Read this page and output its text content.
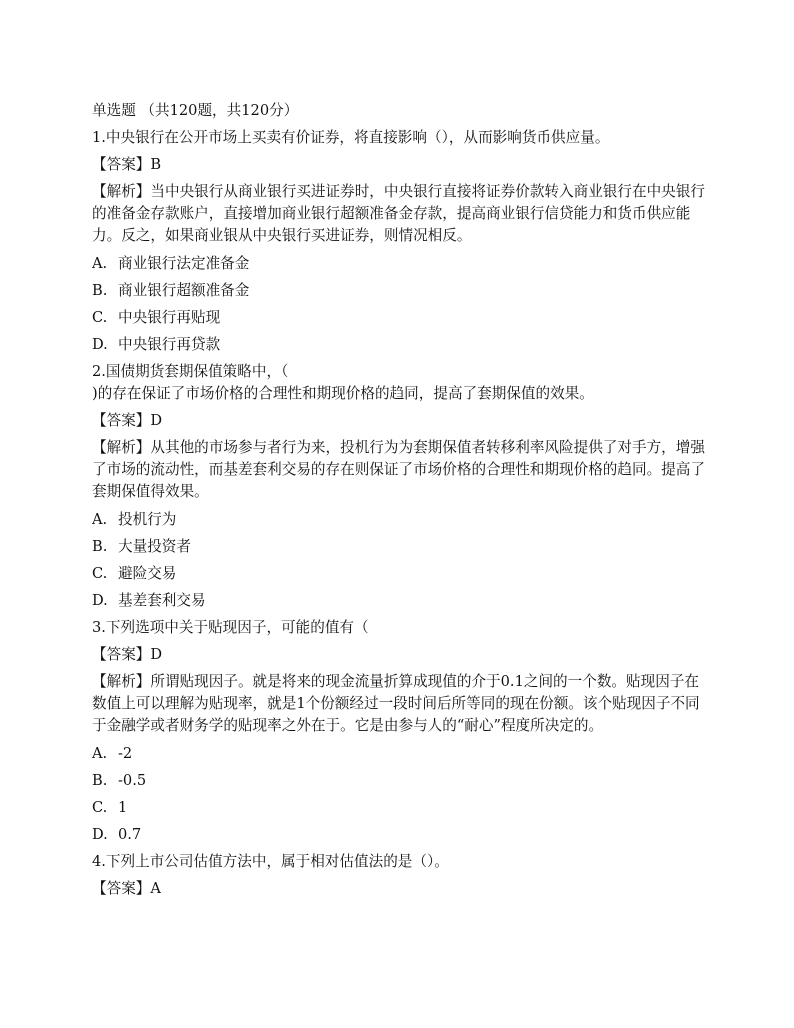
单选题 （共120题，共120分）

1.中央银行在公开市场上买卖有价证券，将直接影响（），从而影响货币供应量。

【答案】B

【解析】当中央银行从商业银行买进证券时，中央银行直接将证券价款转入商业银行在中央银行的准备金存款账户，直接增加商业银行超额准备金存款，提高商业银行信贷能力和货币供应能力。反之，如果商业银从中央银行买进证券，则情况相反。

A. 商业银行法定准备金

B. 商业银行超额准备金

C. 中央银行再贴现

D. 中央银行再贷款

2.国债期货套期保值策略中，（
)的存在保证了市场价格的合理性和期现价格的趋同，提高了套期保值的效果。

【答案】D

【解析】从其他的市场参与者行为来，投机行为为套期保值者转移利率风险提供了对手方，增强了市场的流动性，而基差套利交易的存在则保证了市场价格的合理性和期现价格的趋同。提高了套期保值得效果。

A. 投机行为

B. 大量投资者

C. 避险交易

D. 基差套利交易

3.下列选项中关于贴现因子，可能的值有（

【答案】D

【解析】所谓贴现因子。就是将来的现金流量折算成现值的介于0.1之间的一个数。贴现因子在数值上可以理解为贴现率，就是1个份额经过一段时间后所等同的现在份额。该个贴现因子不同于金融学或者财务学的贴现率之外在于。它是由参与人的“耐心”程度所决定的。

A. -2

B. -0.5

C. 1

D. 0.7

4.下列上市公司估值方法中，属于相对估值法的是（）。

【答案】A
